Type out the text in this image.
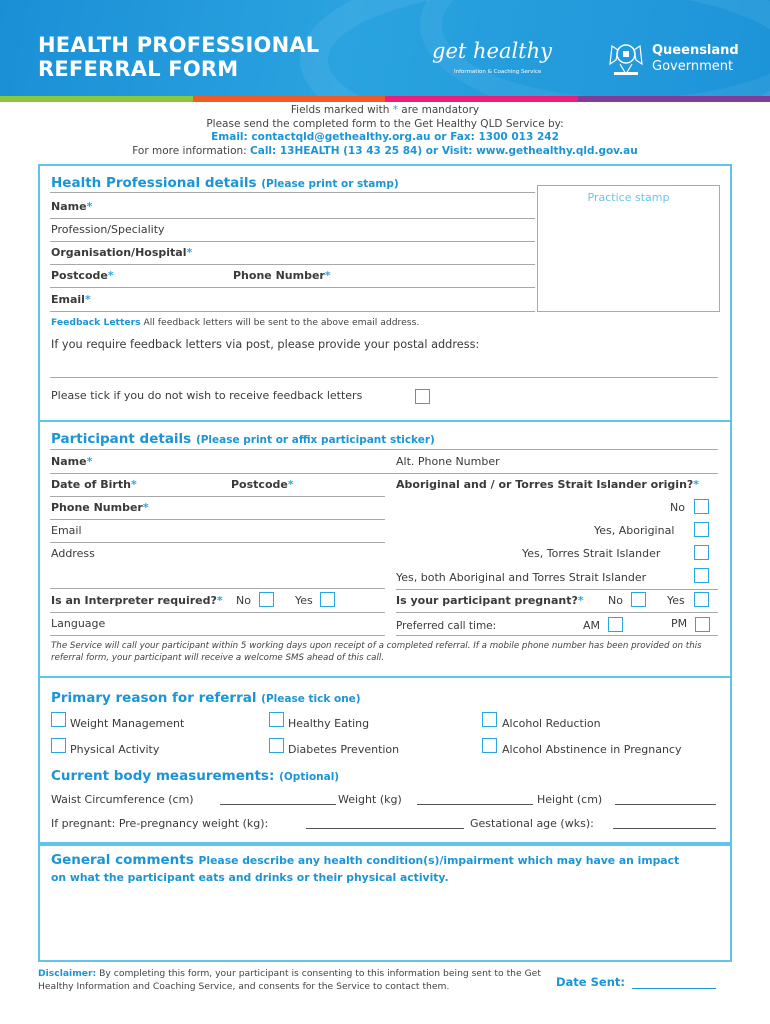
HEALTH PROFESSIONAL
REFERRAL FORM
get healthy
Information & Coaching Service
Queensland
Government
Fields marked with * are mandatory
Please send the completed form to the Get Healthy QLD Service by:
Email: contactqld@gethealthy.org.au or Fax: 1300 013 242
For more information: Call: 13HEALTH (13 43 25 84) or Visit: www.gethealthy.qld.gov.au
Health Professional details (Please print or stamp)
Practice stamp
Name*
Profession/Speciality
Organisation/Hospital*
Postcode*	Phone Number*
Email*
Feedback Letters All feedback letters will be sent to the above email address.
If you require feedback letters via post, please provide your postal address:
Please tick if you do not wish to receive feedback letters
Participant details (Please print or affix participant sticker)
Name*	Alt. Phone Number
Date of Birth*	Postcode*	Aboriginal and / or Torres Strait Islander origin?*
Phone Number*	No
Email	Yes, Aboriginal
Address	Yes, Torres Strait Islander
Yes, both Aboriginal and Torres Strait Islander
Is an Interpreter required?* No	Yes	Is your participant pregnant?* No	Yes
Language	Preferred call time:	AM	PM
The Service will call your participant within 5 working days upon receipt of a completed referral. If a mobile phone number has been provided on this referral form, your participant will receive a welcome SMS ahead of this call.
Primary reason for referral (Please tick one)
Weight Management	Healthy Eating	Alcohol Reduction
Physical Activity	Diabetes Prevention	Alcohol Abstinence in Pregnancy
Current body measurements: (Optional)
Waist Circumference (cm)	Weight (kg)	Height (cm)
If pregnant: Pre-pregnancy weight (kg):	Gestational age (wks):
General comments Please describe any health condition(s)/impairment which may have an impact
on what the participant eats and drinks or their physical activity.
Disclaimer: By completing this form, your participant is consenting to this information being sent to the Get Healthy Information and Coaching Service, and consents for the Service to contact them.	Date Sent:
